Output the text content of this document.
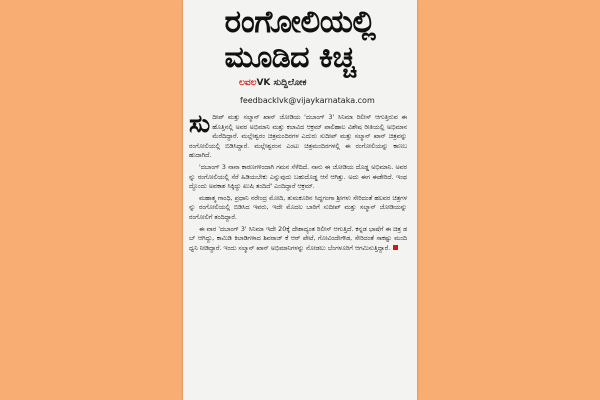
ರಂಗೋಲಿಯಲ್ಲಿ
ಮೂಡಿದ ಕಿಚ್ಚ
ಲವಲVK ಸುದ್ದಿಲೋಕ
feedbacklvk@vijaykarnataka.com

ಸುದೀಪ್ ಮತ್ತು ಸಲ್ಮಾನ್ ಖಾನ್ ಜೋಡಿಯ 'ದಬಾಂಗ್ 3' ಸಿನಿಮಾ ರಿಲೀಸ್ ಆಗುತ್ತಿರುವ ಈ ಹೊತ್ತಿನಲ್ಲಿ ಅವರ ಅಭಿಮಾನಿ ಮತ್ತು ಕಲಾವಿದ ಆಕ್ರಮ್ ಪಾಲಿಹಾಲ ವಿಶೇಷ ರೀತಿಯಲ್ಲಿ ಅಭಿಮಾನ ಮೆರೆದಿದ್ದಾರೆ. ಮಲ್ಲೇಶ್ವರಂ ಚಿತ್ರಮಂದಿರಗಳ ಎದುರು ಸುದೀಪ್ ಮತ್ತು ಸಲ್ಮಾನ್ ಖಾನ್ ಚಿತ್ರವನ್ನು ರಂಗೋಲಿಯಲ್ಲಿ ಬಿಡಿಸಿದ್ದಾರೆ. ಮಲ್ಲೇಶ್ವರಂನ ಎಂಟು ಚಿತ್ರಮಂದಿರಗಳಲ್ಲಿ ಈ ರಂಗೋಲಿಯನ್ನು ಕಾಣಬಹುದಾಗಿದೆ.

'ದಬಾಂಗ್ 3 ನಾನಾ ಕಾರಣಗಳಿಂದಾಗಿ ಗಮನ ಸೆಳೆದಿದೆ. ನಾನು ಈ ಜೋಡಿಯ ದೊಡ್ಡ ಅಭಿಮಾನಿ. ಅವರನ್ನು ರಂಗೋಲಿಯಲ್ಲಿ ಸೆರೆ ಹಿಡಿಯಬೇಕು ಎನ್ನುವುದು ಬಹುದೊಡ್ಡ ಆಸೆ ಆಗಿತ್ತು. ಅದು ಈಗ ಈಡೇರಿದೆ. ಇಂಥದ್ದೊಂದು ಅವಕಾಶ ಸಿಕ್ಕಿದ್ದು ಖುಷಿ ತಂದಿದೆ' ಎಂದಿದ್ದಾರೆ ಆಕ್ರಮ್.

ಮಹಾತ್ಮ ಗಾಂಧಿ, ಪ್ರಧಾನಿ ನರೇಂದ್ರ ಮೋದಿ, ತುಮಕೂರಿನ ಸಿದ್ಧಗಂಗಾ ಶ್ರೀಗಳು ಸೇರಿದಂತೆ ಹಲವರ ಚಿತ್ರಗಳನ್ನು ರಂಗೋಲಿಯಲ್ಲಿ ಬಿಡಿಸಿದ ಇವರು, ಇದೇ ಮೊದಲ ಬಾರಿಗೆ ಸುದೀಪ್ ಮತ್ತು ಸಲ್ಮಾನ್ ಜೋಡಿಯನ್ನು ರಂಗೋಲಿಗೆ ತಂದಿದ್ದಾರೆ.

ಈ ವಾರ 'ದಬಾಂಗ್ 3' ಸಿನಿಮಾ ಇದೇ 20ಕ್ಕೆ ದೇಶಾದ್ಯಂತ ರಿಲೀಸ್ ಆಗುತ್ತಿದೆ. ಕನ್ನಡ ಭಾಷೆಗೆ ಈ ಚಿತ್ರ ಡಬ್ ಆಗಿದ್ದು, ಕಾಮಿಡಿ ಕಿಲಾಡಿಗಳಾದ ಶಿವರಾಜ್ ಕೆ ಆರ್ ಪೇಟೆ, ಗೋವಿಂದೇಗೌಡ, ಸೇರಿದಂತೆ ಸಾಕಷ್ಟು ಮಂದಿ ಧ್ವನಿ ನೀಡಿದ್ದಾರೆ. ಇಂದು ಸಲ್ಮಾನ್ ಖಾನ್ ಅಭಿಮಾನಿಗಳನ್ನು ನೋಡಲು ಬೆಂಗಳೂರಿಗೆ ಆಗಮಿಸುತ್ತಿದ್ದಾರೆ.
